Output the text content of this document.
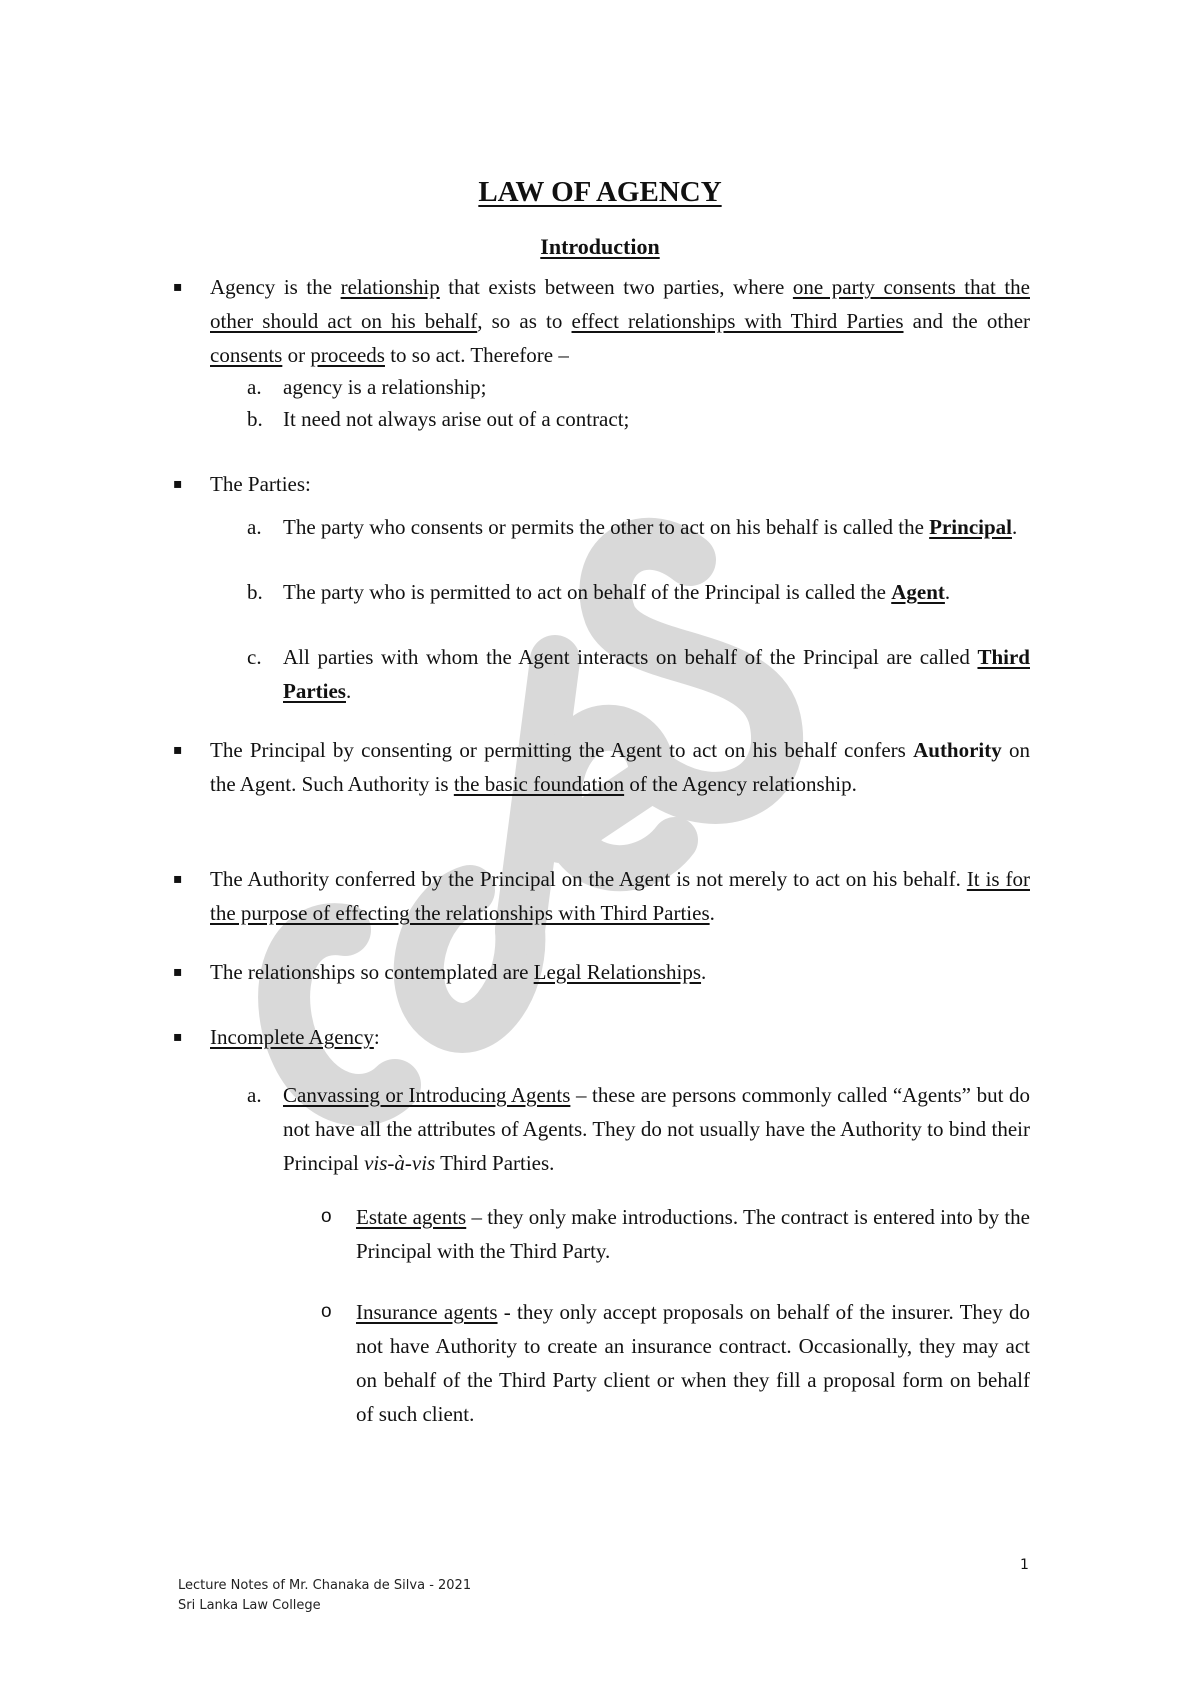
LAW OF AGENCY
Introduction
▪ Agency is the relationship that exists between two parties, where one party consents that the other should act on his behalf, so as to effect relationships with Third Parties and the other consents or proceeds to so act. Therefore –
a.	agency is a relationship;
b. It need not always arise out of a contract;
▪ The Parties:
a.	The party who consents or permits the other to act on his behalf is called the Principal.
b. The party who is permitted to act on behalf of the Principal is called the Agent.
c.	All parties with whom the Agent interacts on behalf of the Principal are called Third Parties.
▪ The Principal by consenting or permitting the Agent to act on his behalf confers Authority on the Agent. Such Authority is the basic foundation of the Agency relationship.
▪ The Authority conferred by the Principal on the Agent is not merely to act on his behalf. It is for the purpose of effecting the relationships with Third Parties.
▪ The relationships so contemplated are Legal Relationships.
▪ Incomplete Agency:
a.	Canvassing or Introducing Agents – these are persons commonly called “Agents” but do not have all the attributes of Agents. They do not usually have the Authority to bind their Principal vis-à-vis Third Parties.
o Estate agents – they only make introductions. The contract is entered into by the Principal with the Third Party.
o Insurance agents - they only accept proposals on behalf of the insurer. They do not have Authority to create an insurance contract. Occasionally, they may act on behalf of the Third Party client or when they fill a proposal form on behalf of such client.
1
Lecture Notes of Mr. Chanaka de Silva - 2021
Sri Lanka Law College
